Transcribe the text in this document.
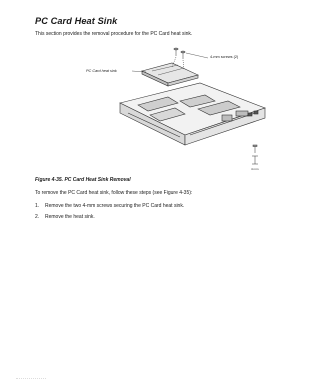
PC Card Heat Sink
This section provides the removal procedure for the PC Card heat sink.
4-mm screws (2)
PC Card heat sink
4 mm
Figure 4-35. PC Card Heat Sink Removal
To remove the PC Card heat sink, follow these steps (see Figure 4-35):
1. Remove the two 4-mm screws securing the PC Card heat sink.
2. Remove the heat sink.
